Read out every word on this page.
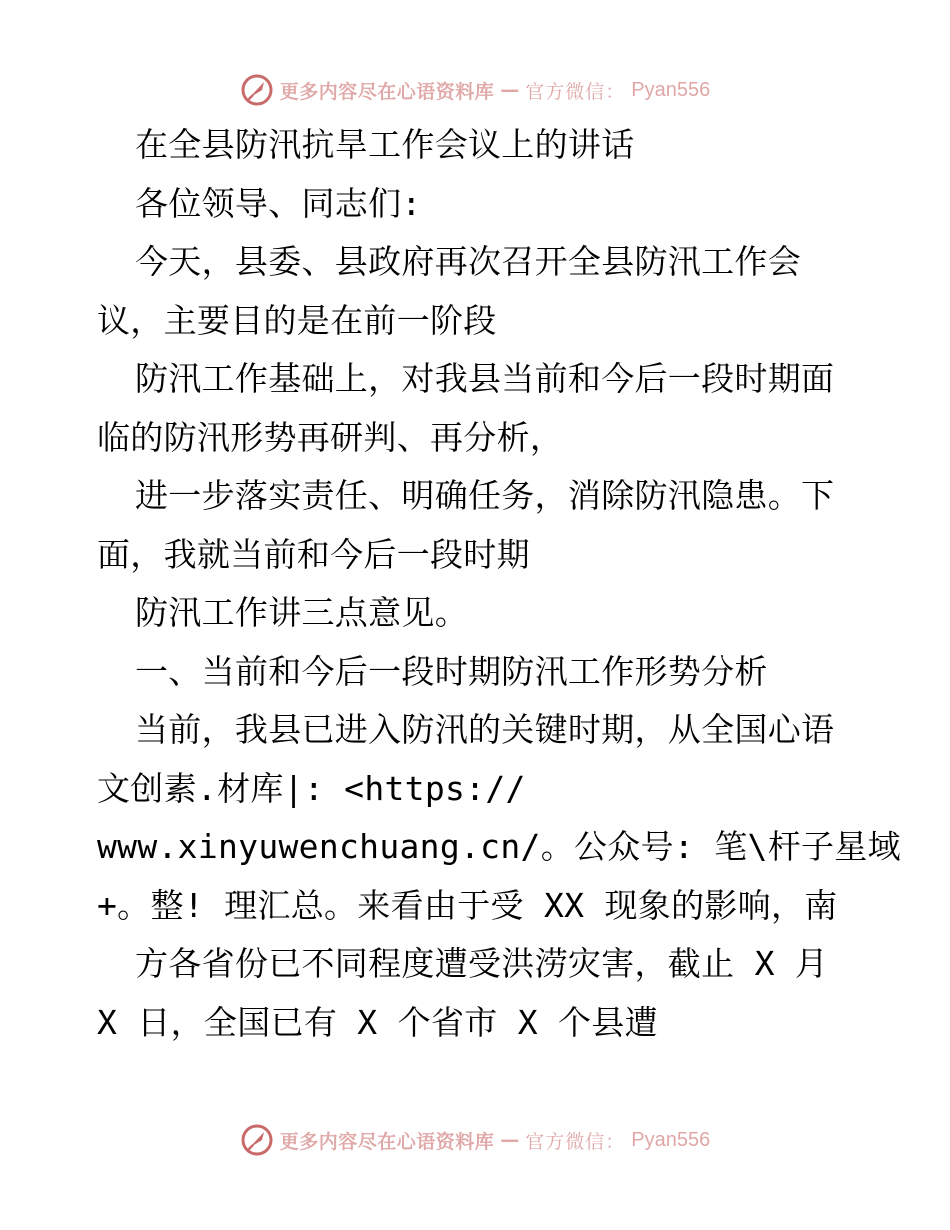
更多内容尽在心语资料库 — 官方微信： Pyan556
在全县防汛抗旱工作会议上的讲话
各位领导、同志们:
今天，县委、县政府再次召开全县防汛工作会
议，主要目的是在前一阶段
防汛工作基础上，对我县当前和今后一段时期面
临的防汛形势再研判、再分析，
进一步落实责任、明确任务，消除防汛隐患。下
面，我就当前和今后一段时期
防汛工作讲三点意见。
一、当前和今后一段时期防汛工作形势分析
当前，我县已进入防汛的关键时期，从全国心语
文创素.材库|: <https://
www.xinyuwenchuang.cn/。公众号: 笔\杆子星域
+。整! 理汇总。来看由于受 XX 现象的影响，南
方各省份已不同程度遭受洪涝灾害，截止 X 月
X 日，全国已有 X 个省市 X 个县遭
更多内容尽在心语资料库 — 官方微信： Pyan556
